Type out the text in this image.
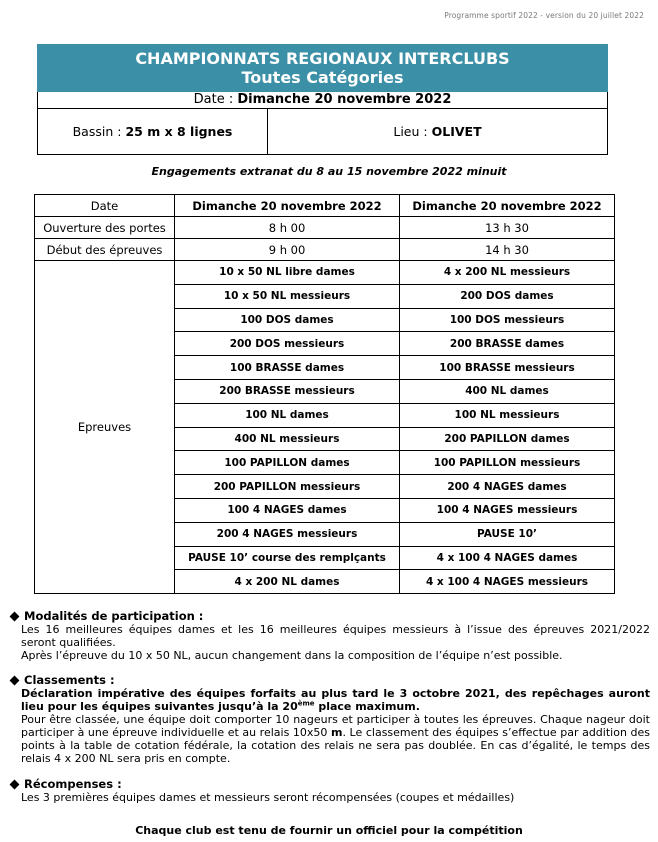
Programme sportif 2022 - version du 20 juillet 2022
CHAMPIONNATS REGIONAUX INTERCLUBS
Toutes Catégories
Date : Dimanche 20 novembre 2022
Bassin : 25 m x 8 lignes	Lieu : OLIVET
Engagements extranat du 8 au 15 novembre 2022 minuit
Date	Dimanche 20 novembre 2022	Dimanche 20 novembre 2022
Ouverture des portes	8 h 00	13 h 30
Début des épreuves	9 h 00	14 h 30
Epreuves	10 x 50 NL libre dames	4 x 200 NL messieurs
	10 x 50 NL messieurs	200 DOS dames
	100 DOS dames	100 DOS messieurs
	200 DOS messieurs	200 BRASSE dames
	100 BRASSE dames	100 BRASSE messieurs
	200 BRASSE messieurs	400 NL dames
	100 NL dames	100 NL messieurs
	400 NL messieurs	200 PAPILLON dames
	100 PAPILLON dames	100 PAPILLON messieurs
	200 PAPILLON messieurs	200 4 NAGES dames
	100 4 NAGES dames	100 4 NAGES messieurs
	200 4 NAGES messieurs	PAUSE 10’
	PAUSE 10’ course des remplçants	4 x 100 4 NAGES dames
	4 x 200 NL dames	4 x 100 4 NAGES messieurs
Modalités de participation :

Les 16 meilleures équipes dames et les 16 meilleures équipes messieurs à l’issue des épreuves 2021/2022 seront qualifiées.

Après l’épreuve du 10 x 50 NL, aucun changement dans la composition de l’équipe n’est possible.

Classements :

Déclaration impérative des équipes forfaits au plus tard le 3 octobre 2021, des repêchages auront lieu pour les équipes suivantes jusqu’à la 20ème place maximum.

Pour être classée, une équipe doit comporter 10 nageurs et participer à toutes les épreuves. Chaque nageur doit participer à une épreuve individuelle et au relais 10x50 m. Le classement des équipes s’effectue par addition des points à la table de cotation fédérale, la cotation des relais ne sera pas doublée. En cas d’égalité, le temps des relais 4 x 200 NL sera pris en compte.

Récompenses :

Les 3 premières équipes dames et messieurs seront récompensées (coupes et médailles)

Chaque club est tenu de fournir un officiel pour la compétition
